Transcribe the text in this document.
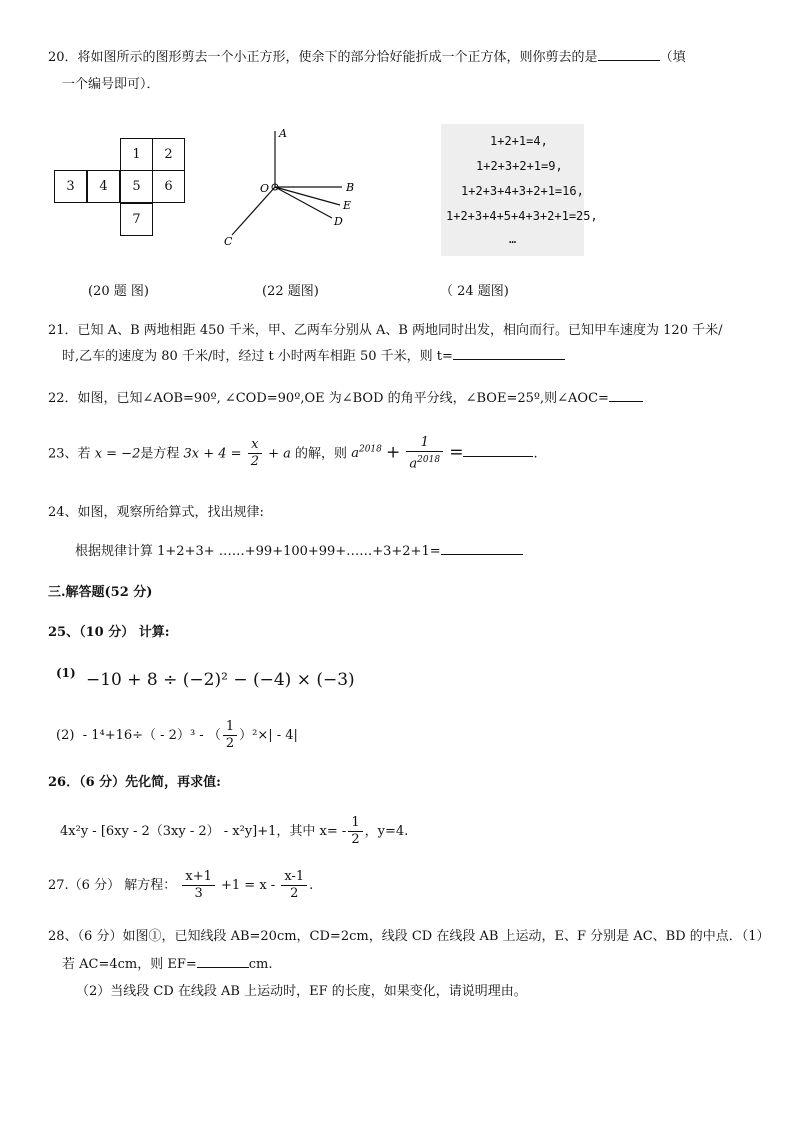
20．将如图所示的图形剪去一个小正方形，使余下的部分恰好能折成一个正方体，则你剪去的是	（填
一个编号即可）．
1	2
3	4	5	6
7
A
O	B
E
D
C
1+2+1=4,
1+2+3+2+1=9,
1+2+3+4+3+2+1=16,
1+2+3+4+5+4+3+2+1=25,
…
(20 题 图)	(22 题图)	（ 24 题图)
21．已知 A、B 两地相距 450 千米，甲、乙两车分别从 A、B 两地同时出发，相向而行。已知甲车速度为 120 千米/
时,乙车的速度为 80 千米/时，经过 t 小时两车相距 50 千米，则 t=
22．如图，已知∠AOB=90º, ∠COD=90º,OE 为∠BOD 的角平分线，∠BOE=25º,则∠AOC=
23、若 x = −2是方程 $3x + 4 = \frac{x}{2} + a$ 的解，则 $a^{2018} + \frac{1}{a^{2018}}$ =	.
24、如图，观察所给算式，找出规律:
根据规律计算 1+2+3+ ……+99+100+99+……+3+2+1=
三.解答题(52 分)
25、（10 分） 计算:
(1) −10 + 8 ÷ (−2)² − (−4) × (−3)
(2) - 1⁴+16÷（ - 2）³ - （ $\frac{1}{2} )^2\times| - 4|$
26．（6 分）先化简，再求值:
4x²y - [6xy - 2（3xy - 2） - x²y]+1，其中 $x= - \frac{1}{2}$ ，y=4.
27.（6 分） 解方程： $\frac{x+1}{3} +1 = x - \frac{x-1}{2}$ .
28、（6 分）如图①，已知线段 AB=20cm，CD=2cm，线段 CD 在线段 AB 上运动，E、F 分别是 AC、BD 的中点．（1）
若 AC=4cm，则 EF=	cm.
（2）当线段 CD 在线段 AB 上运动时，EF 的长度，如果变化，请说明理由。
